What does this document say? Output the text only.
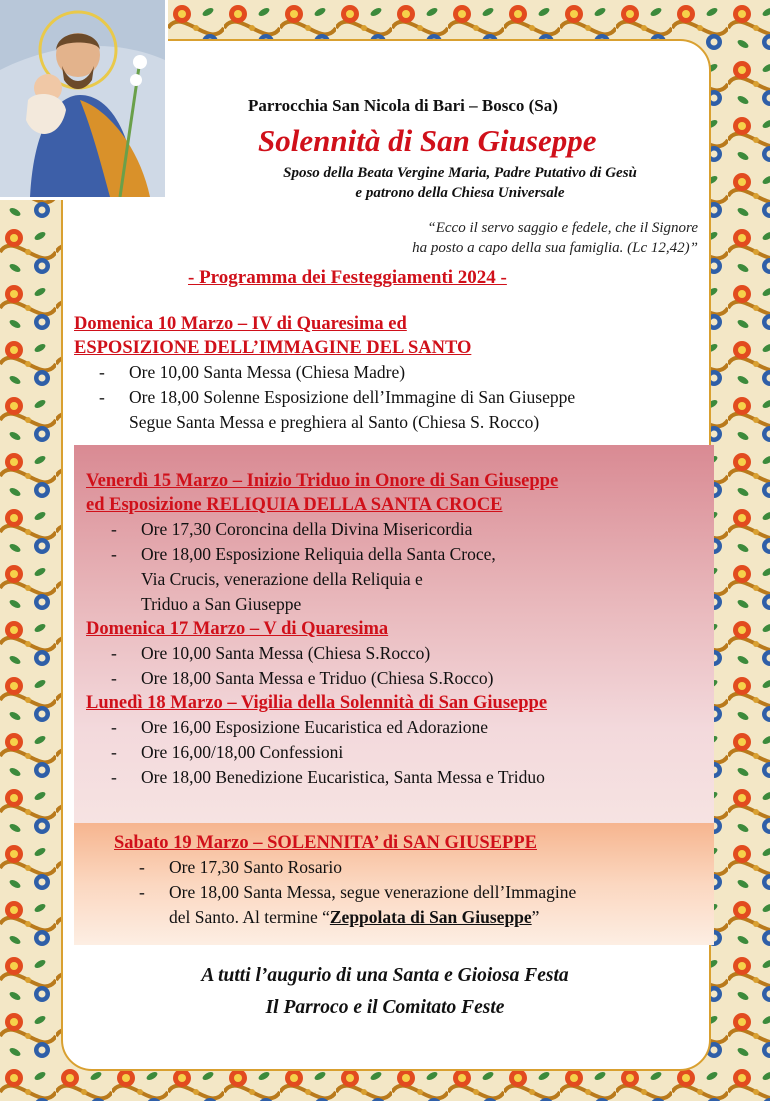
Parrocchia San Nicola di Bari – Bosco (Sa)
Solennità di San Giuseppe
Sposo della Beata Vergine Maria, Padre Putativo di Gesù
e patrono della Chiesa Universale
“Ecco il servo saggio e fedele, che il Signore
ha posto a capo della sua famiglia. (Lc 12,42)”
- Programma dei Festeggiamenti 2024 -
Domenica 10 Marzo – IV di Quaresima ed
ESPOSIZIONE DELL’IMMAGINE DEL SANTO
- Ore 10,00 Santa Messa (Chiesa Madre)
- Ore 18,00 Solenne Esposizione dell’Immagine di San Giuseppe
Segue Santa Messa e preghiera al Santo (Chiesa S. Rocco)
Venerdì 15 Marzo – Inizio Triduo in Onore di San Giuseppe
ed Esposizione RELIQUIA DELLA SANTA CROCE
- Ore 17,30 Coroncina della Divina Misericordia
- Ore 18,00 Esposizione Reliquia della Santa Croce,
Via Crucis, venerazione della Reliquia e
Triduo a San Giuseppe
Domenica 17 Marzo – V di Quaresima
- Ore 10,00 Santa Messa (Chiesa S.Rocco)
- Ore 18,00 Santa Messa e Triduo (Chiesa S.Rocco)
Lunedì 18 Marzo – Vigilia della Solennità di San Giuseppe
- Ore 16,00 Esposizione Eucaristica ed Adorazione
- Ore 16,00/18,00 Confessioni
- Ore 18,00 Benedizione Eucaristica, Santa Messa e Triduo
Sabato 19 Marzo – SOLENNITA’ di SAN GIUSEPPE
- Ore 17,30 Santo Rosario
- Ore 18,00 Santa Messa, segue venerazione dell’Immagine
del Santo. Al termine “Zeppolata di San Giuseppe”
A tutti l’augurio di una Santa e Gioiosa Festa
Il Parroco e il Comitato Feste
